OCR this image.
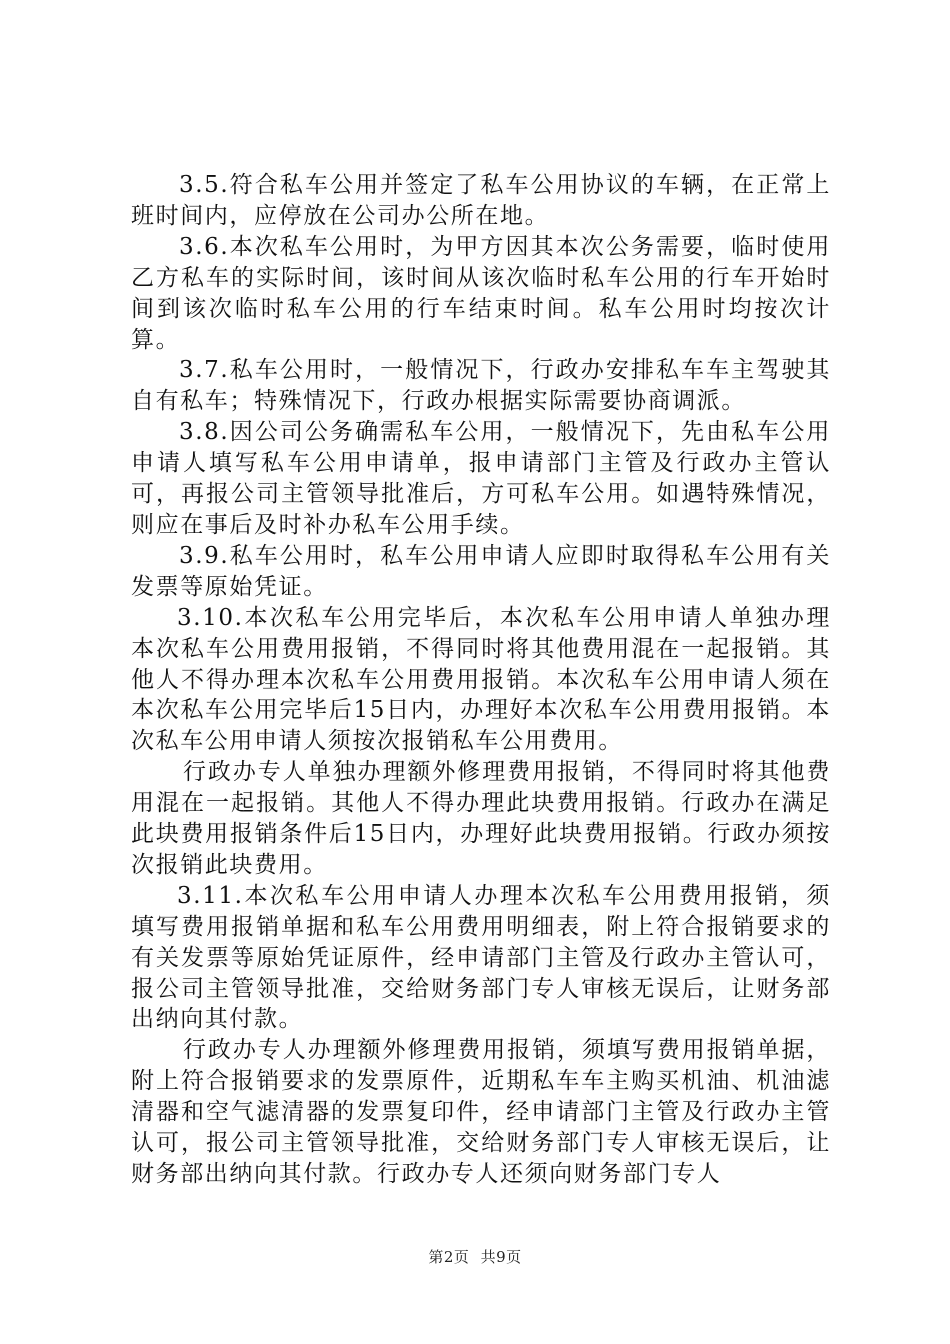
3.5.符合私车公用并签定了私车公用协议的车辆，在正常上班时间内，应停放在公司办公所在地。

3.6.本次私车公用时，为甲方因其本次公务需要，临时使用乙方私车的实际时间，该时间从该次临时私车公用的行车开始时间到该次临时私车公用的行车结束时间。私车公用时均按次计算。

3.7.私车公用时，一般情况下，行政办安排私车车主驾驶其自有私车；特殊情况下，行政办根据实际需要协商调派。

3.8.因公司公务确需私车公用，一般情况下，先由私车公用申请人填写私车公用申请单，报申请部门主管及行政办主管认可，再报公司主管领导批准后，方可私车公用。如遇特殊情况，则应在事后及时补办私车公用手续。

3.9.私车公用时，私车公用申请人应即时取得私车公用有关发票等原始凭证。

3.10.本次私车公用完毕后，本次私车公用申请人单独办理本次私车公用费用报销，不得同时将其他费用混在一起报销。其他人不得办理本次私车公用费用报销。本次私车公用申请人须在本次私车公用完毕后15日内，办理好本次私车公用费用报销。本次私车公用申请人须按次报销私车公用费用。

行政办专人单独办理额外修理费用报销，不得同时将其他费用混在一起报销。其他人不得办理此块费用报销。行政办在满足此块费用报销条件后15日内，办理好此块费用报销。行政办须按次报销此块费用。

3.11.本次私车公用申请人办理本次私车公用费用报销，须填写费用报销单据和私车公用费用明细表，附上符合报销要求的有关发票等原始凭证原件，经申请部门主管及行政办主管认可，报公司主管领导批准，交给财务部门专人审核无误后，让财务部出纳向其付款。

行政办专人办理额外修理费用报销，须填写费用报销单据，附上符合报销要求的发票原件，近期私车车主购买机油、机油滤清器和空气滤清器的发票复印件，经申请部门主管及行政办主管认可，报公司主管领导批准，交给财务部门专人审核无误后，让财务部出纳向其付款。行政办专人还须向财务部门专人

第2页 共9页
